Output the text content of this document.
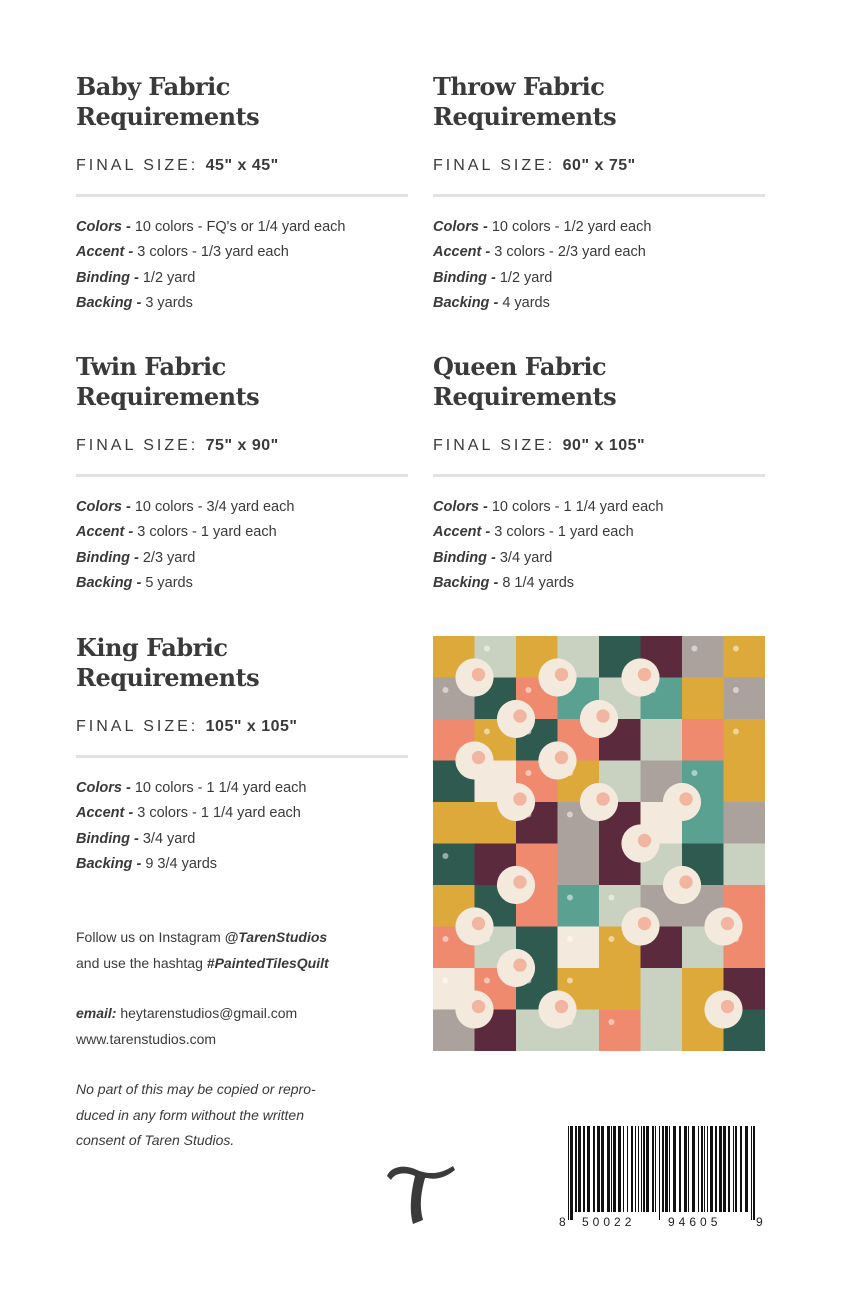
Baby Fabric
Requirements
FINAL SIZE: 45" x 45"
Colors - 10 colors - FQ's or 1/4 yard each
Accent - 3 colors - 1/3 yard each
Binding - 1/2 yard
Backing - 3 yards
Throw Fabric
Requirements
FINAL SIZE: 60" x 75"
Colors - 10 colors - 1/2 yard each
Accent - 3 colors - 2/3 yard each
Binding - 1/2 yard
Backing - 4 yards
Twin Fabric
Requirements
FINAL SIZE: 75" x 90"
Colors - 10 colors - 3/4 yard each
Accent - 3 colors - 1 yard each
Binding - 2/3 yard
Backing - 5 yards
Queen Fabric
Requirements
FINAL SIZE: 90" x 105"
Colors - 10 colors - 1 1/4 yard each
Accent - 3 colors - 1 yard each
Binding - 3/4 yard
Backing - 8 1/4 yards
King Fabric
Requirements
FINAL SIZE: 105" x 105"
Colors - 10 colors - 1 1/4 yard each
Accent - 3 colors - 1 1/4 yard each
Binding - 3/4 yard
Backing - 9 3/4 yards
Follow us on Instagram @TarenStudios
and use the hashtag #PaintedTilesQuilt
email: heytarenstudios@gmail.com
www.tarenstudios.com
No part of this may be copied or repro-
duced in any form without the written
consent of Taren Studios.
8 50022	94605	9
